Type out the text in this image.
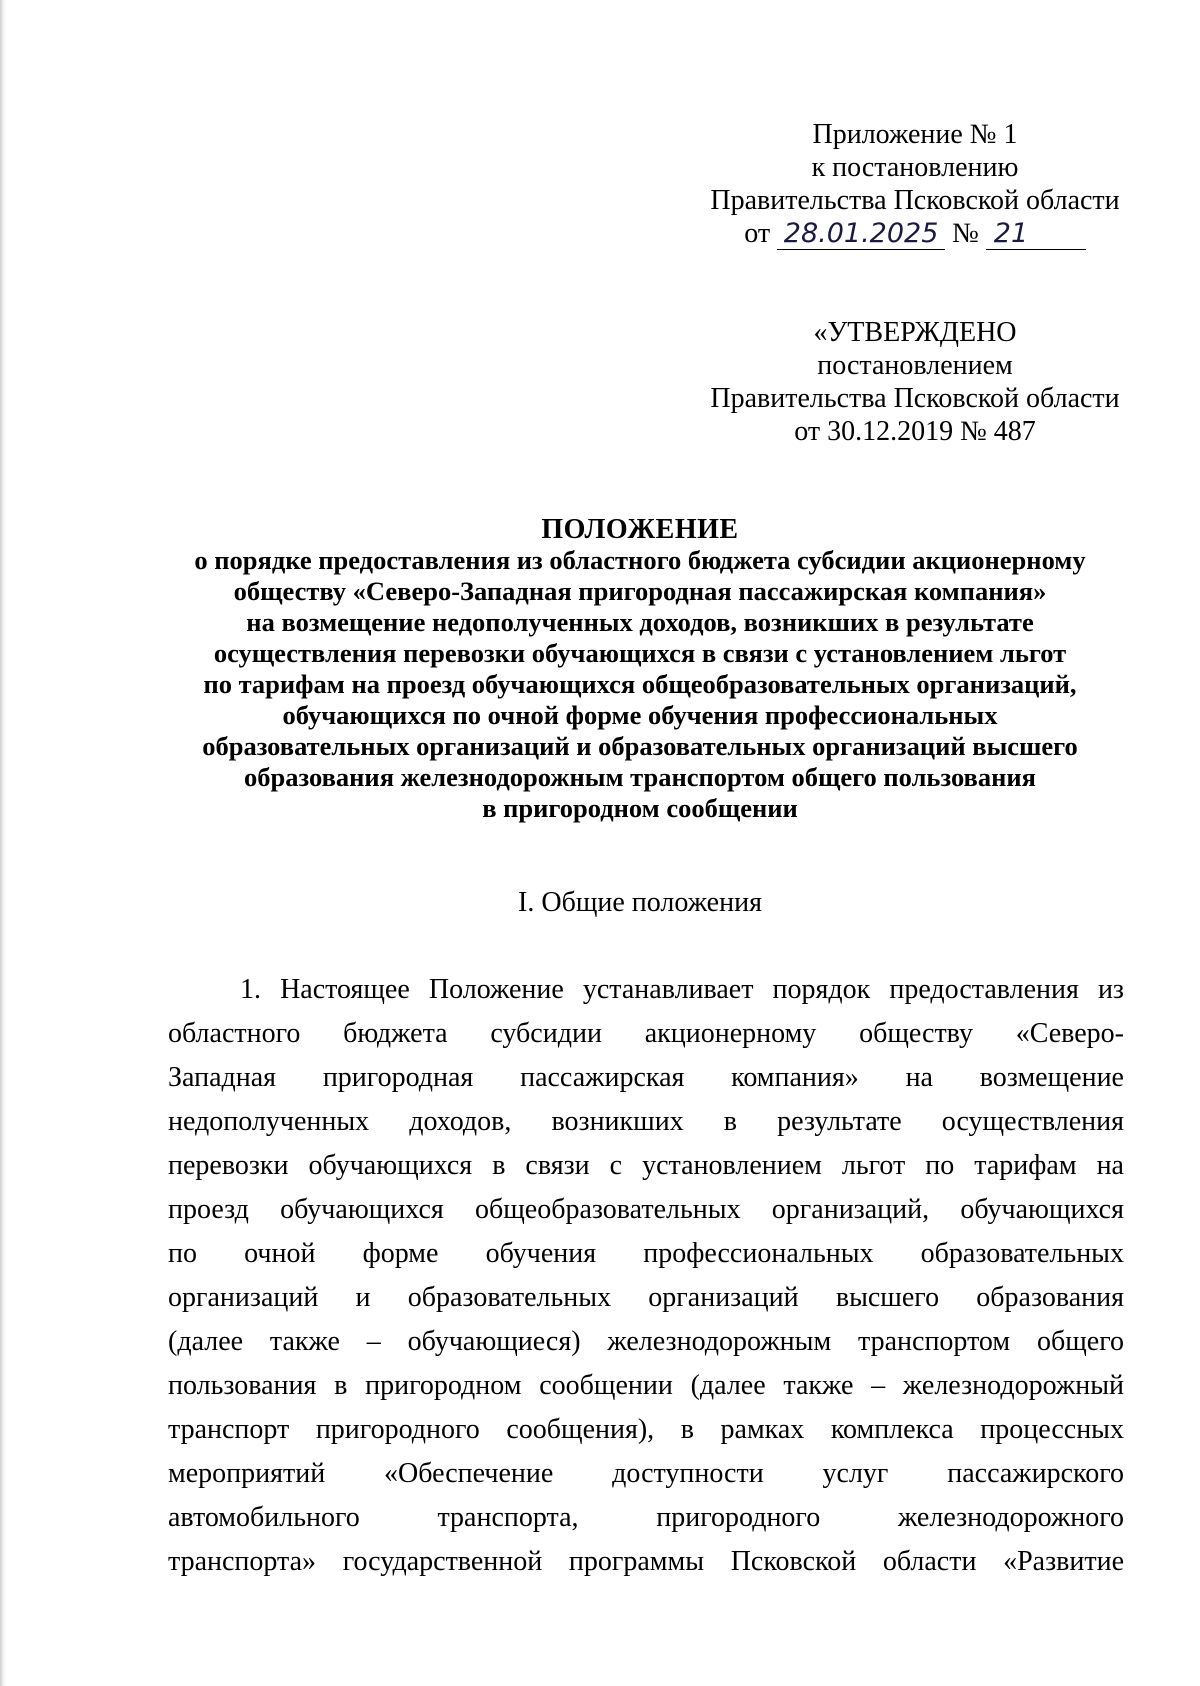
Приложение № 1
к постановлению
Правительства Псковской области
от 28.01.2025 № 21
«УТВЕРЖДЕНО
постановлением
Правительства Псковской области
от 30.12.2019 № 487
ПОЛОЖЕНИЕ
о порядке предоставления из областного бюджета субсидии акционерному
обществу «Северо-Западная пригородная пассажирская компания»
на возмещение недополученных доходов, возникших в результате
осуществления перевозки обучающихся в связи с установлением льгот
по тарифам на проезд обучающихся общеобразовательных организаций,
обучающихся по очной форме обучения профессиональных
образовательных организаций и образовательных организаций высшего
образования железнодорожным транспортом общего пользования
в пригородном сообщении
I. Общие положения
1. Настоящее Положение устанавливает порядок предоставления из
областного бюджета субсидии акционерному обществу «Северо-
Западная пригородная пассажирская компания» на возмещение
недополученных доходов, возникших в результате осуществления
перевозки обучающихся в связи с установлением льгот по тарифам на
проезд обучающихся общеобразовательных организаций, обучающихся
по очной форме обучения профессиональных образовательных
организаций и образовательных организаций высшего образования
(далее также – обучающиеся) железнодорожным транспортом общего
пользования в пригородном сообщении (далее также – железнодорожный
транспорт пригородного сообщения), в рамках комплекса процессных
мероприятий «Обеспечение доступности услуг пассажирского
автомобильного транспорта, пригородного железнодорожного
транспорта» государственной программы Псковской области «Развитие
